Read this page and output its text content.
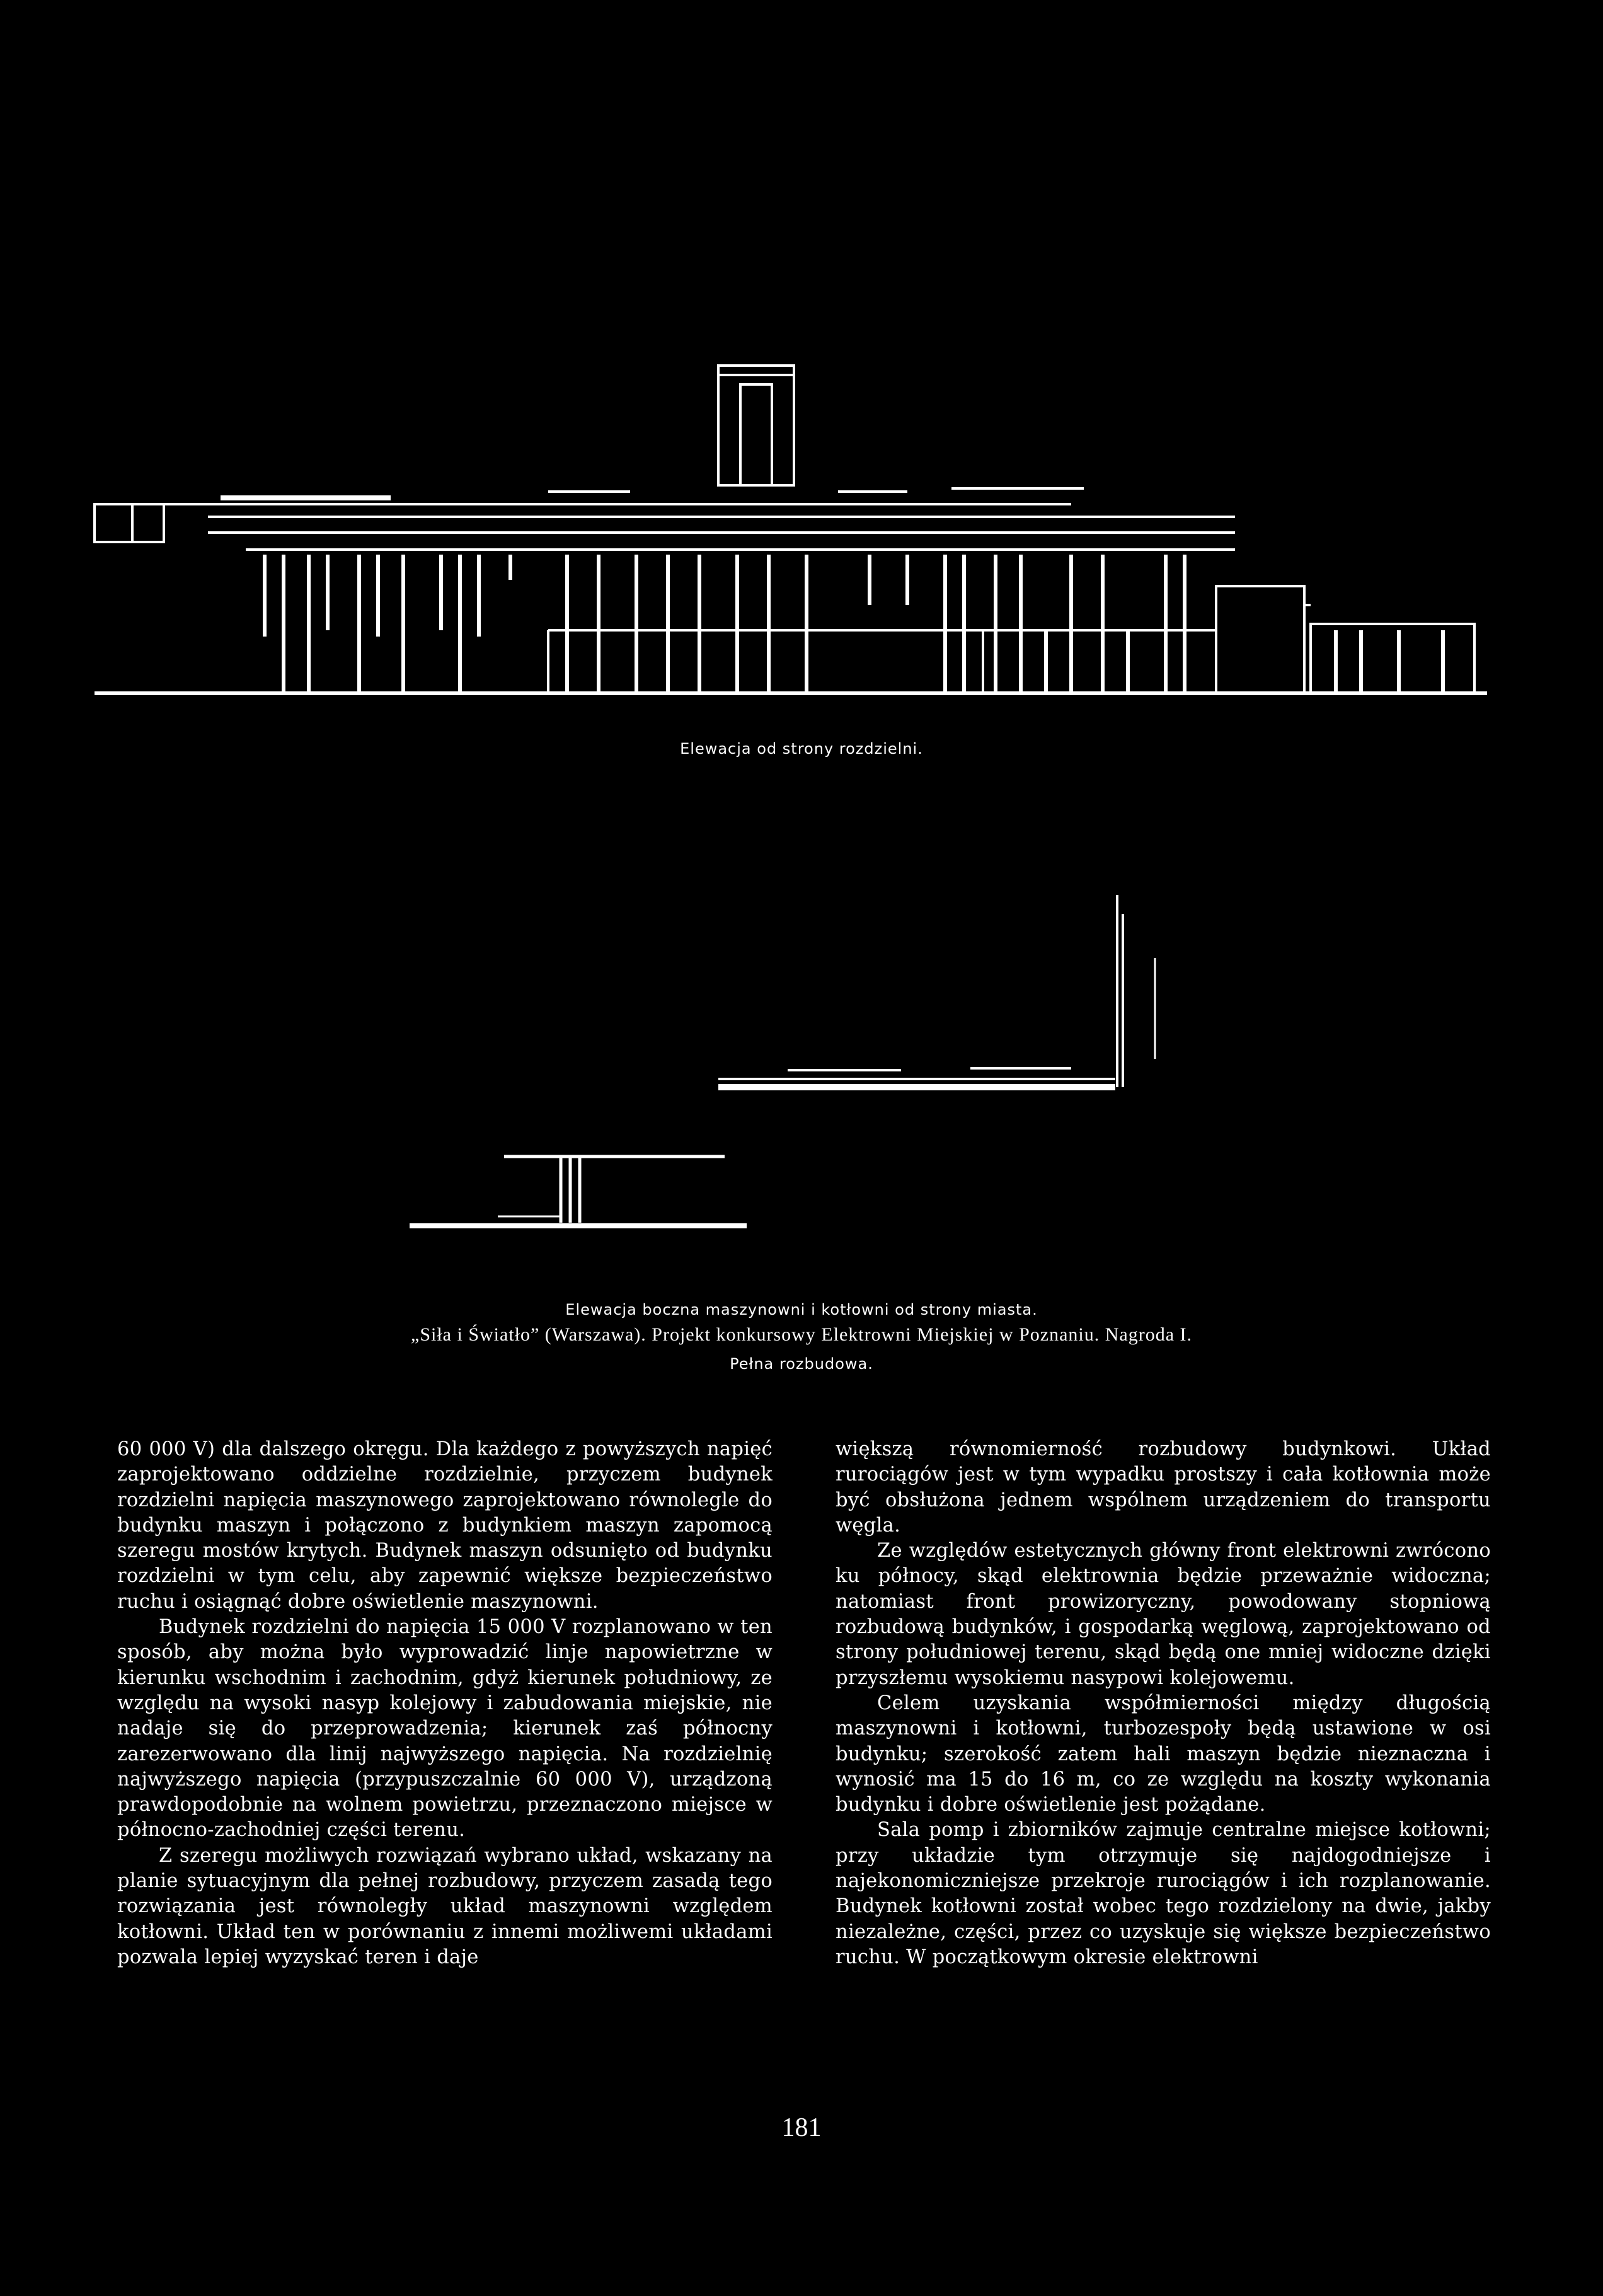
Elewacja od strony rozdzielni.
Elewacja boczna maszynowni i kotłowni od strony miasta.
„Siła i Światło” (Warszawa). Projekt konkursowy Elektrowni Miejskiej w Poznaniu. Nagroda I.
Pełna rozbudowa.

60 000 V) dla dalszego okręgu. Dla każdego z powyższych napięć zaprojektowano oddzielne rozdzielnie, przyczem budynek rozdzielni napięcia maszynowego zaprojektowano równolegle do budynku maszyn i połączono z budynkiem maszyn zapomocą szeregu mostów krytych. Budynek maszyn odsunięto od budynku rozdzielni w tym celu, aby zapewnić większe bezpieczeństwo ruchu i osiągnąć dobre oświetlenie maszynowni.

Budynek rozdzielni do napięcia 15 000 V rozplanowano w ten sposób, aby można było wyprowadzić linje napowietrzne w kierunku wschodnim i zachodnim, gdyż kierunek południowy, ze względu na wysoki nasyp kolejowy i zabudowania miejskie, nie nadaje się do przeprowadzenia; kierunek zaś północny zarezerwowano dla linij najwyższego napięcia. Na rozdzielnię najwyższego napięcia (przypuszczalnie 60 000 V), urządzoną prawdopodobnie na wolnem powietrzu, przeznaczono miejsce w północno-zachodniej części terenu.

Z szeregu możliwych rozwiązań wybrano układ, wskazany na planie sytuacyjnym dla pełnej rozbudowy, przyczem zasadą tego rozwiązania jest równoległy układ maszynowni względem kotłowni. Układ ten w porównaniu z innemi możliwemi układami pozwala lepiej wyzyskać teren i daje

większą równomierność rozbudowy budynkowi. Układ rurociągów jest w tym wypadku prostszy i cała kotłownia może być obsłużona jednem wspólnem urządzeniem do transportu węgla.

Ze względów estetycznych główny front elektrowni zwrócono ku północy, skąd elektrownia będzie przeważnie widoczna; natomiast front prowizoryczny, powodowany stopniową rozbudową budynków, i gospodarką węglową, zaprojektowano od strony południowej terenu, skąd będą one mniej widoczne dzięki przyszłemu wysokiemu nasypowi kolejowemu.

Celem uzyskania współmierności między długością maszynowni i kotłowni, turbozespoły będą ustawione w osi budynku; szerokość zatem hali maszyn będzie nieznaczna i wynosić ma 15 do 16 m, co ze względu na koszty wykonania budynku i dobre oświetlenie jest pożądane.

Sala pomp i zbiorników zajmuje centralne miejsce kotłowni; przy układzie tym otrzymuje się najdogodniejsze i najekonomiczniejsze przekroje rurociągów i ich rozplanowanie. Budynek kotłowni został wobec tego rozdzielony na dwie, jakby niezależne, części, przez co uzyskuje się większe bezpieczeństwo ruchu. W początkowym okresie elektrowni

181
